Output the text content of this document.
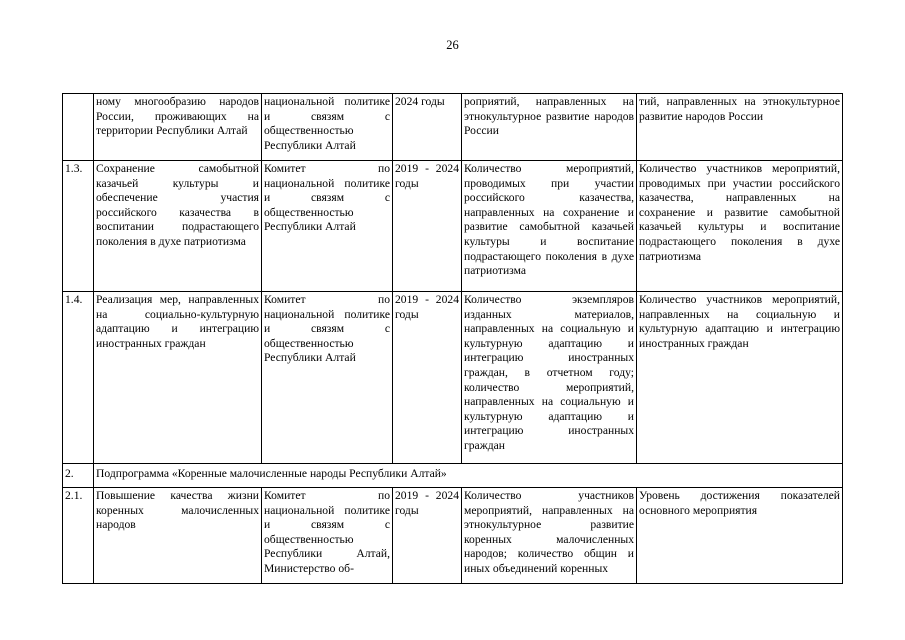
26
	ному многообразию народов России, проживающих на территории Республики Алтай	национальной политике и связям с общественностью Республики Алтай	2024 годы	роприятий, направленных на этнокультурное развитие народов России	тий, направленных на этнокультурное развитие народов России
1.3.	Сохранение самобытной казачьей культуры и обеспечение участия российского казачества в воспитании подрастающего поколения в духе патриотизма	Комитет по национальной политике и связям с общественностью Республики Алтай	2019 - 2024 годы	Количество мероприятий, проводимых при участии российского казачества, направленных на сохранение и развитие самобытной казачьей культуры и воспитание подрастающего поколения в духе патриотизма	Количество участников мероприятий, проводимых при участии российского казачества, направленных на сохранение и развитие самобытной казачьей культуры и воспитание подрастающего поколения в духе патриотизма
1.4.	Реализация мер, направленных на социально-культурную адаптацию и интеграцию иностранных граждан	Комитет по национальной политике и связям с общественностью Республики Алтай	2019 - 2024 годы	Количество экземпляров изданных материалов, направленных на социальную и культурную адаптацию и интеграцию иностранных граждан, в отчетном году; количество мероприятий, направленных на социальную и культурную адаптацию и интеграцию иностранных граждан	Количество участников мероприятий, направленных на социальную и культурную адаптацию и интеграцию иностранных граждан
2.	Подпрограмма «Коренные малочисленные народы Республики Алтай»				
2.1.	Повышение качества жизни коренных малочисленных народов	Комитет по национальной политике и связям с общественностью Республики Алтай, Министерство об-	2019 - 2024 годы	Количество участников мероприятий, направленных на этнокультурное развитие коренных малочисленных народов; количество общин и иных объединений коренных	Уровень достижения показателей основного мероприятия
